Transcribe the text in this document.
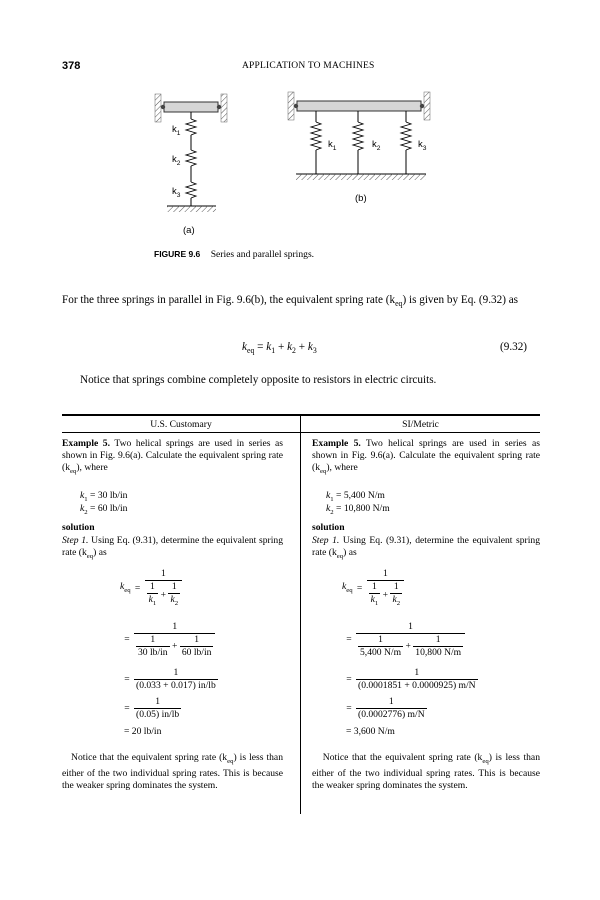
378	APPLICATION TO MACHINES
$k_1$
$k_2$
$k_3$
$k_1$	$k_2$	$k_3$
(a)
(b)
FIGURE 9.6 Series and parallel springs.
For the three springs in parallel in Fig. 9.6(b), the equivalent spring rate $(k_{eq})$ is given by Eq. (9.32) as
$k_{eq} = k_1 + k_2 + k_3$	(9.32)
Notice that springs combine completely opposite to resistors in electric circuits.
U.S. Customary	SI/Metric
Example 5. Two helical springs are used in series as shown in Fig. 9.6(a). Calculate the equivalent spring rate $(k_{eq})$, where
$k_1 = 30$ lb/in
$k_2 = 60$ lb/in
solution
Step 1. Using Eq. (9.31), determine the equivalent spring rate $(k_{eq})$ as
$k_{eq} = \frac{1}{\frac{1}{k_1} + \frac{1}{k_2}}$
= $\frac{1}{\frac{1}{30 lb/in} + \frac{1}{60 lb/in}}$
= $\frac{1}{(0.033 + 0.017) in/lb}$
= $\frac{1}{(0.05) in/lb}$
= 20 lb/in
Notice that the equivalent spring rate $(k_{eq})$ is less than either of the two individual spring rates. This is because the weaker spring dominates the system.
Example 5. Two helical springs are used in series as shown in Fig. 9.6(a). Calculate the equivalent spring rate $(k_{eq})$, where
$k_1 = 5,400$ N/m
$k_2 = 10,800$ N/m
solution
Step 1. Using Eq. (9.31), determine the equivalent spring rate $(k_{eq})$ as
$k_{eq} = \frac{1}{\frac{1}{k_1} + \frac{1}{k_2}}$
= $\frac{1}{\frac{1}{5,400 N/m} + \frac{1}{10,800 N/m}}$
= $\frac{1}{(0.0001851 + 0.0000925) m/N}$
= $\frac{1}{(0.0002776) m/N}$
= 3,600 N/m
Notice that the equivalent spring rate $(k_{eq})$ is less than either of the two individual spring rates. This is because the weaker spring dominates the system.
